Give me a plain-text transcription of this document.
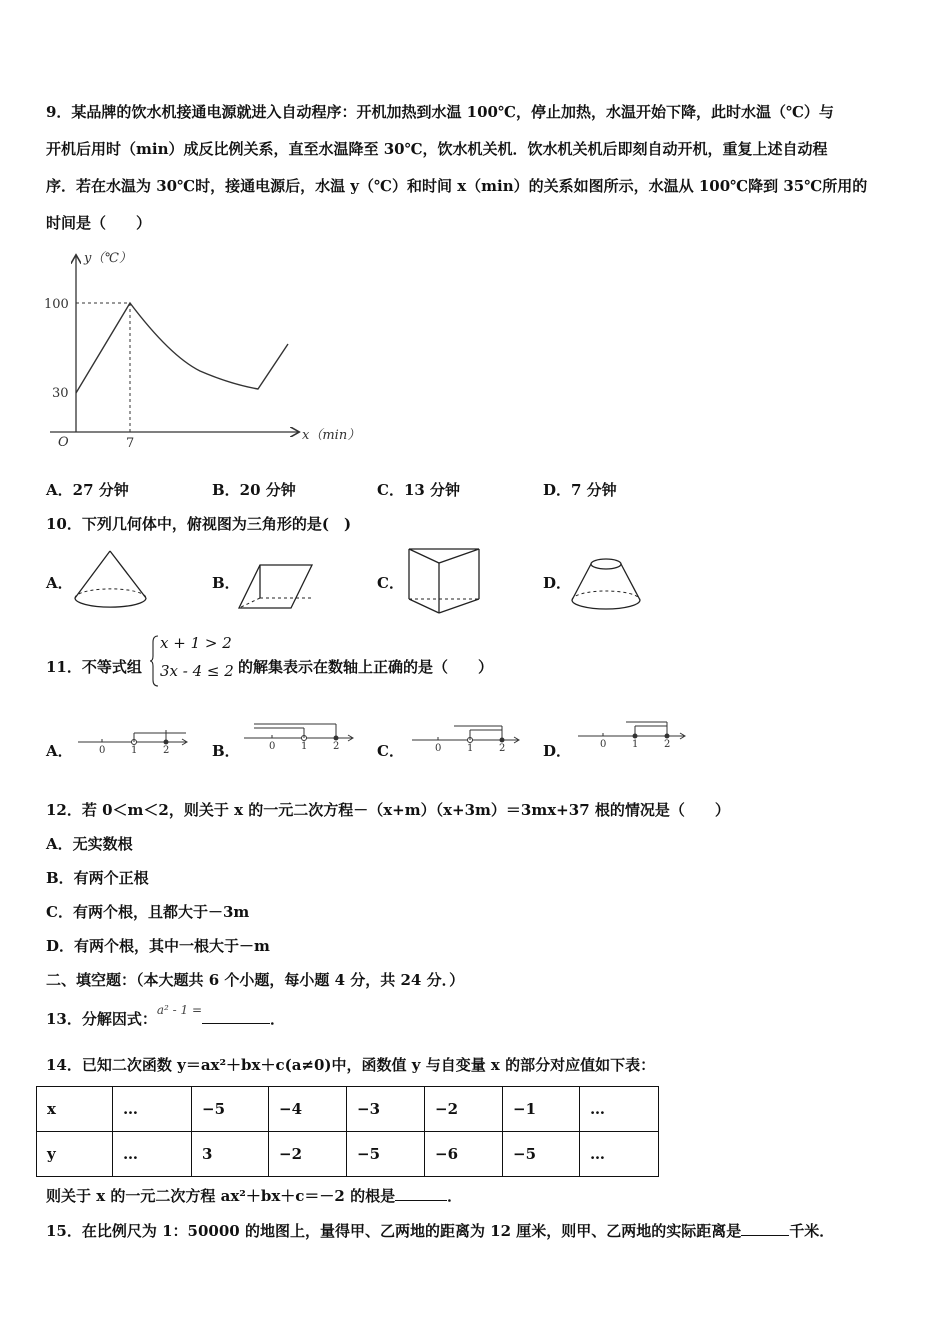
9．某品牌的饮水机接通电源就进入自动程序：开机加热到水温 100℃，停止加热，水温开始下降，此时水温（℃）与
开机后用时（min）成反比例关系，直至水温降至 30℃，饮水机关机．饮水机关机后即刻自动开机，重复上述自动程
序．若在水温为 30℃时，接通电源后，水温 y（℃）和时间 x（min）的关系如图所示，水温从 100℃降到 35℃所用的
时间是（　　）
y（℃）
x（min）
O
100
30
7
A．27 分钟	B．20 分钟	C．13 分钟	D．7 分钟
10．下列几何体中，俯视图为三角形的是(　)
A．	B．	C．	D．
11．不等式组
x + 1 > 2
3x - 4 ≤ 2 的解集表示在数轴上正确的是（　　）
A．	0	1	2	B．	0	1	2	C．	0	1	2	D．	0	1	2
12．若 0＜m＜2，则关于 x 的一元二次方程－（x+m）（x+3m）＝3mx+37 根的情况是（　　）
A．无实数根
B．有两个正根
C．有两个根，且都大于－3m
D．有两个根，其中一根大于－m
二、填空题：（本大题共 6 个小题，每小题 4 分，共 24 分．）
13．分解因式：$^{a^2 - 1 =}$	．
14．已知二次函数 y＝ax²＋bx＋c(a≠0)中，函数值 y 与自变量 x 的部分对应值如下表：
x	…	−5	−4	−3	−2	−1	…
y	…	3	−2	−5	−6	−5	…
则关于 x 的一元二次方程 ax²＋bx＋c＝－2 的根是	．
15．在比例尺为 1：50000 的地图上，量得甲、乙两地的距离为 12 厘米，则甲、乙两地的实际距离是	千米．
